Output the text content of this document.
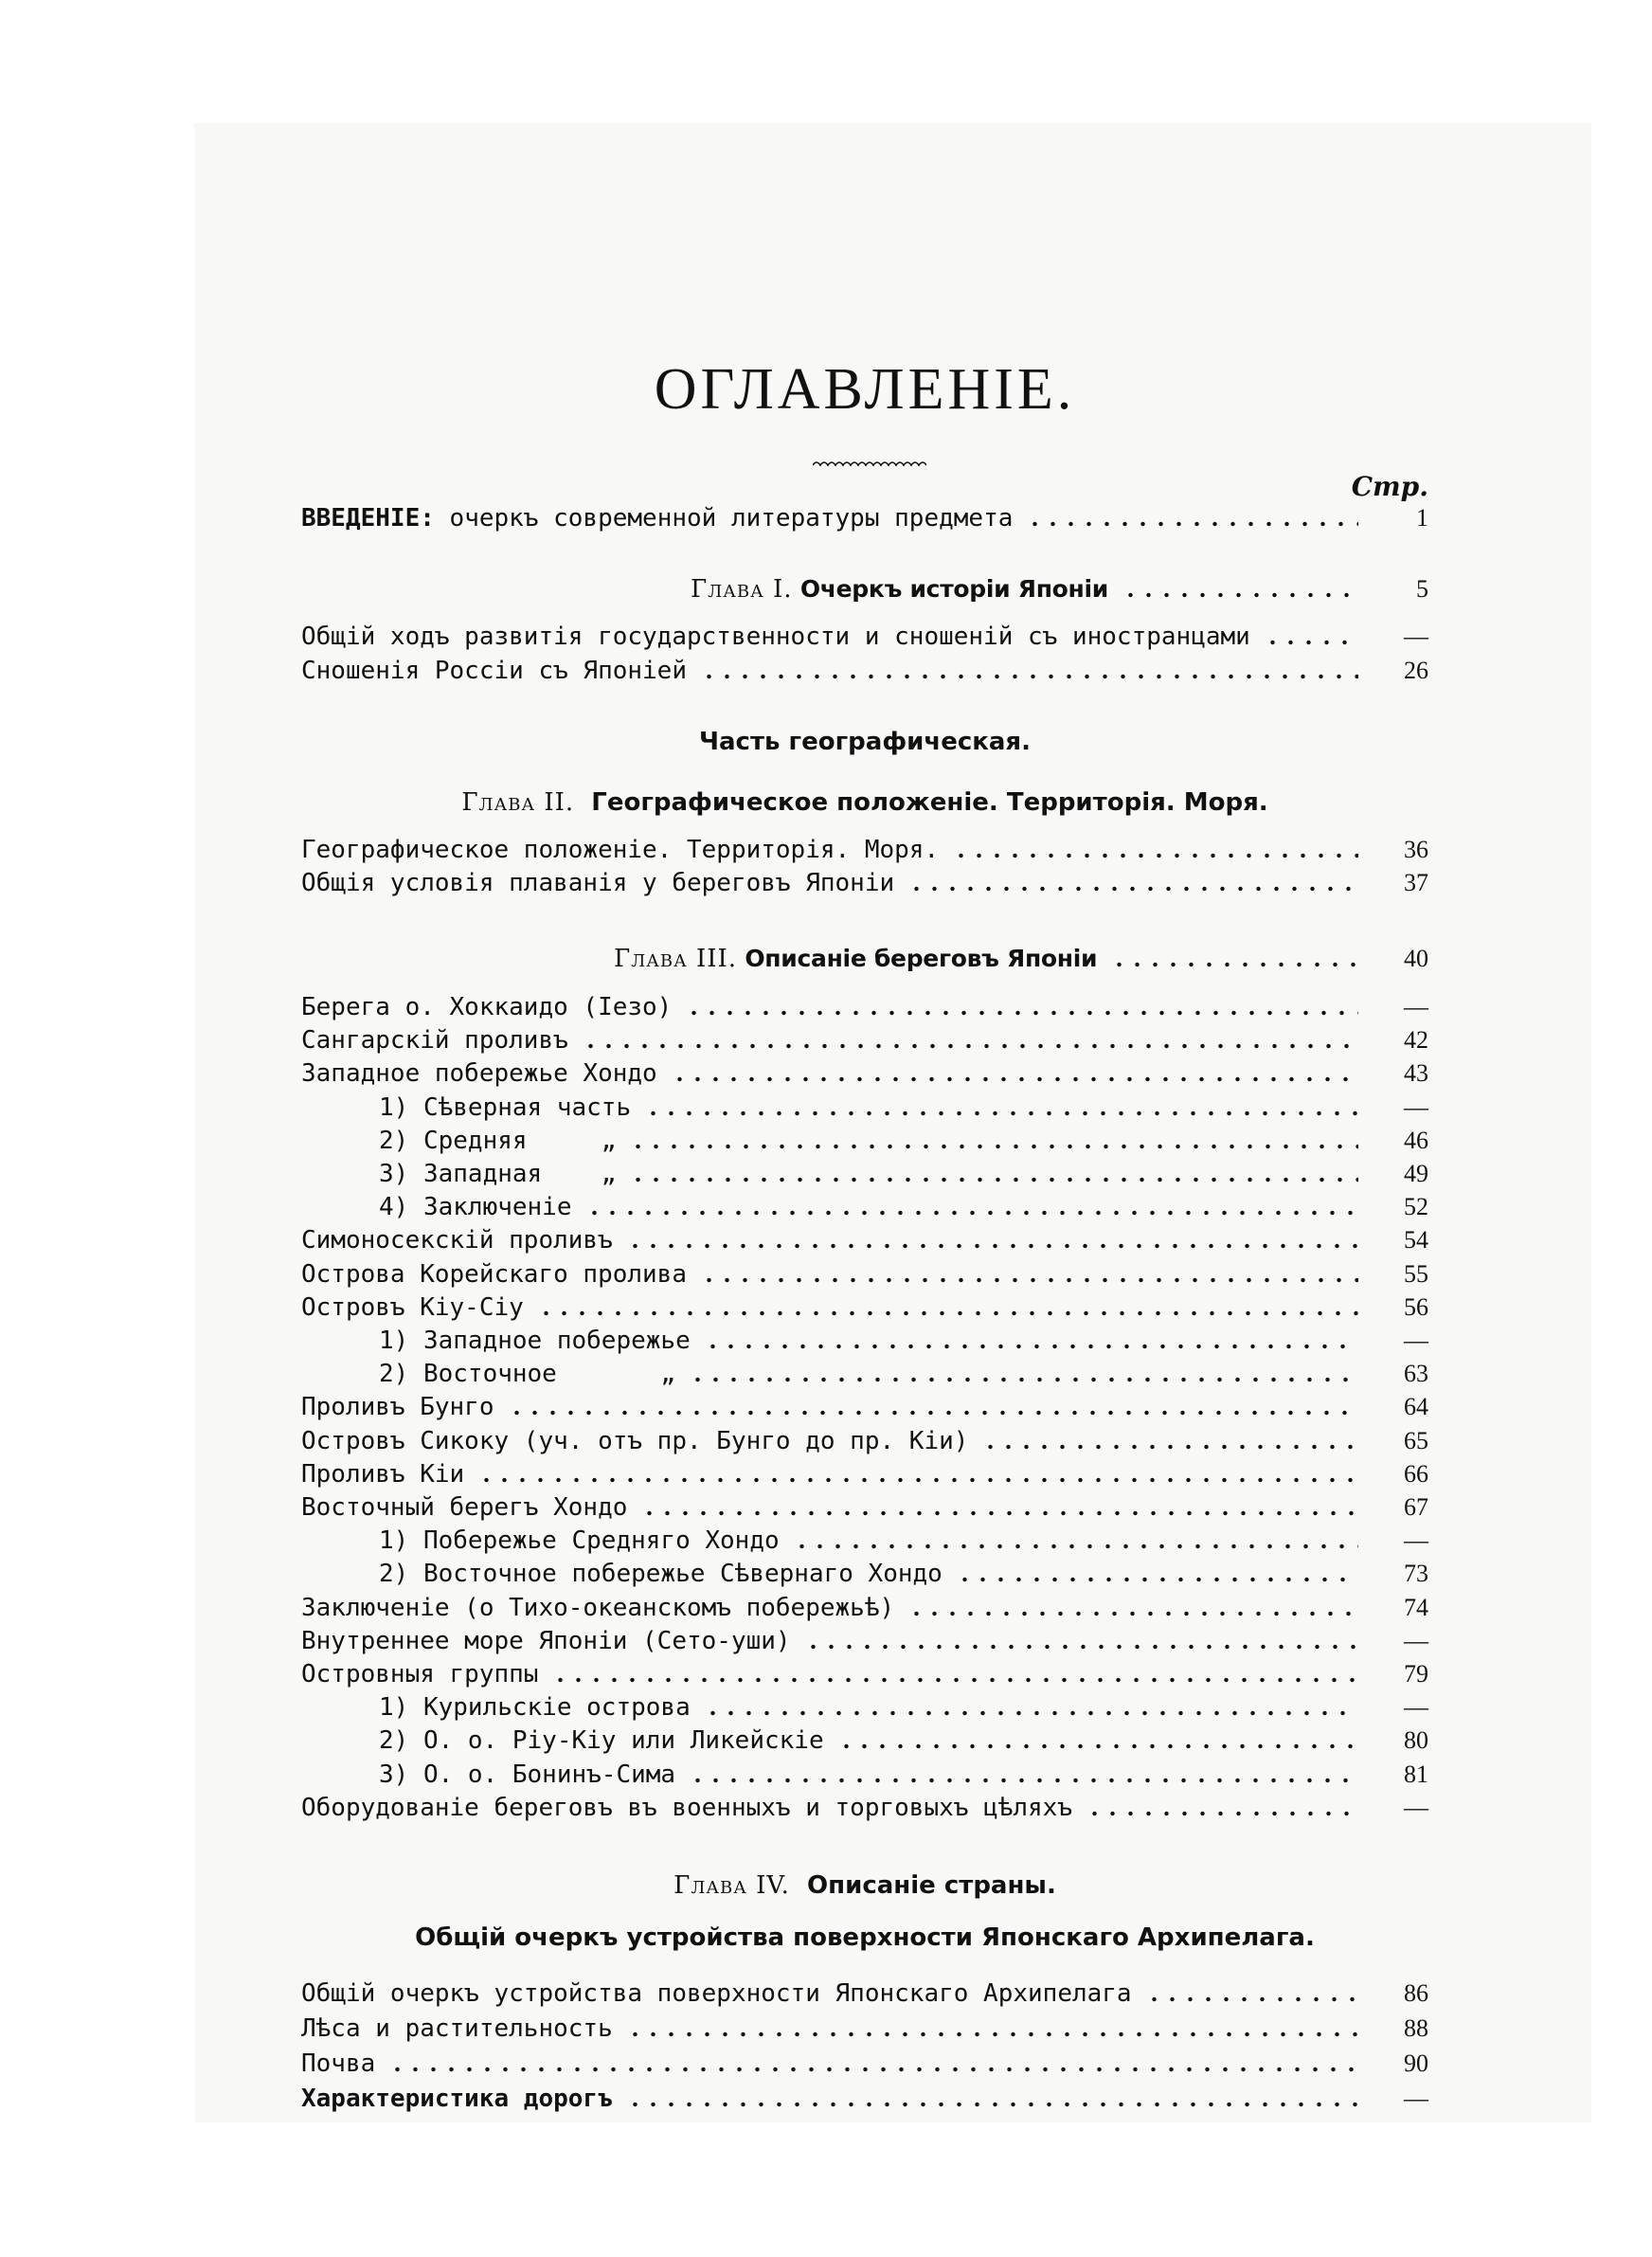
ОГЛАВЛЕНІЕ.
Стр.
ВВЕДЕНІЕ: очеркъ современной литературы предмета	1
Глава I.
Очеркъ исторіи Японіи	5
Общій ходъ развитія государственности и сношеній съ иностранцами	—
Сношенія Россіи съ Японіей	26
Часть географическая.
Глава II. Географическое положеніе. Территорія. Моря.
Географическое положеніе. Территорія. Моря.	36
Общія условія плаванія у береговъ Японіи	37
Глава III.
Описаніе береговъ Японіи	40
Берега о. Хоккаидо (Іезо)	—
Сангарскій проливъ	42
Западное побережье Хондо	43
1) Сѣверная часть	—
2) Средняя     „	46
3) Западная    „	49
4) Заключеніе	52
Симоносекскій проливъ	54
Острова Корейскаго пролива	55
Островъ Кіу-Сіу	56
1) Западное побережье	—
2) Восточное       „	63
Проливъ Бунго	64
Островъ Сикоку (уч. отъ пр. Бунго до пр. Кіи)	65
Проливъ Кіи	66
Восточный берегъ Хондо	67
1) Побережье Средняго Хондо	—
2) Восточное побережье Сѣвернаго Хондо	73
Заключеніе (о Тихо-океанскомъ побережьѣ)	74
Внутреннее море Японіи (Сето-уши)	—
Островныя группы	79
1) Курильскіе острова	—
2) О. о. Ріу-Кіу или Ликейскіе	80
3) О. о. Бонинъ-Сима	81
Оборудованіе береговъ въ военныхъ и торговыхъ цѣляхъ	—
Глава IV. Описаніе страны.
Общій очеркъ устройства поверхности Японскаго Архипелага.
Общій очеркъ устройства поверхности Японскаго Архипелага	86
Лѣса и растительность	88
Почва	90
Характеристика дорогъ	—
